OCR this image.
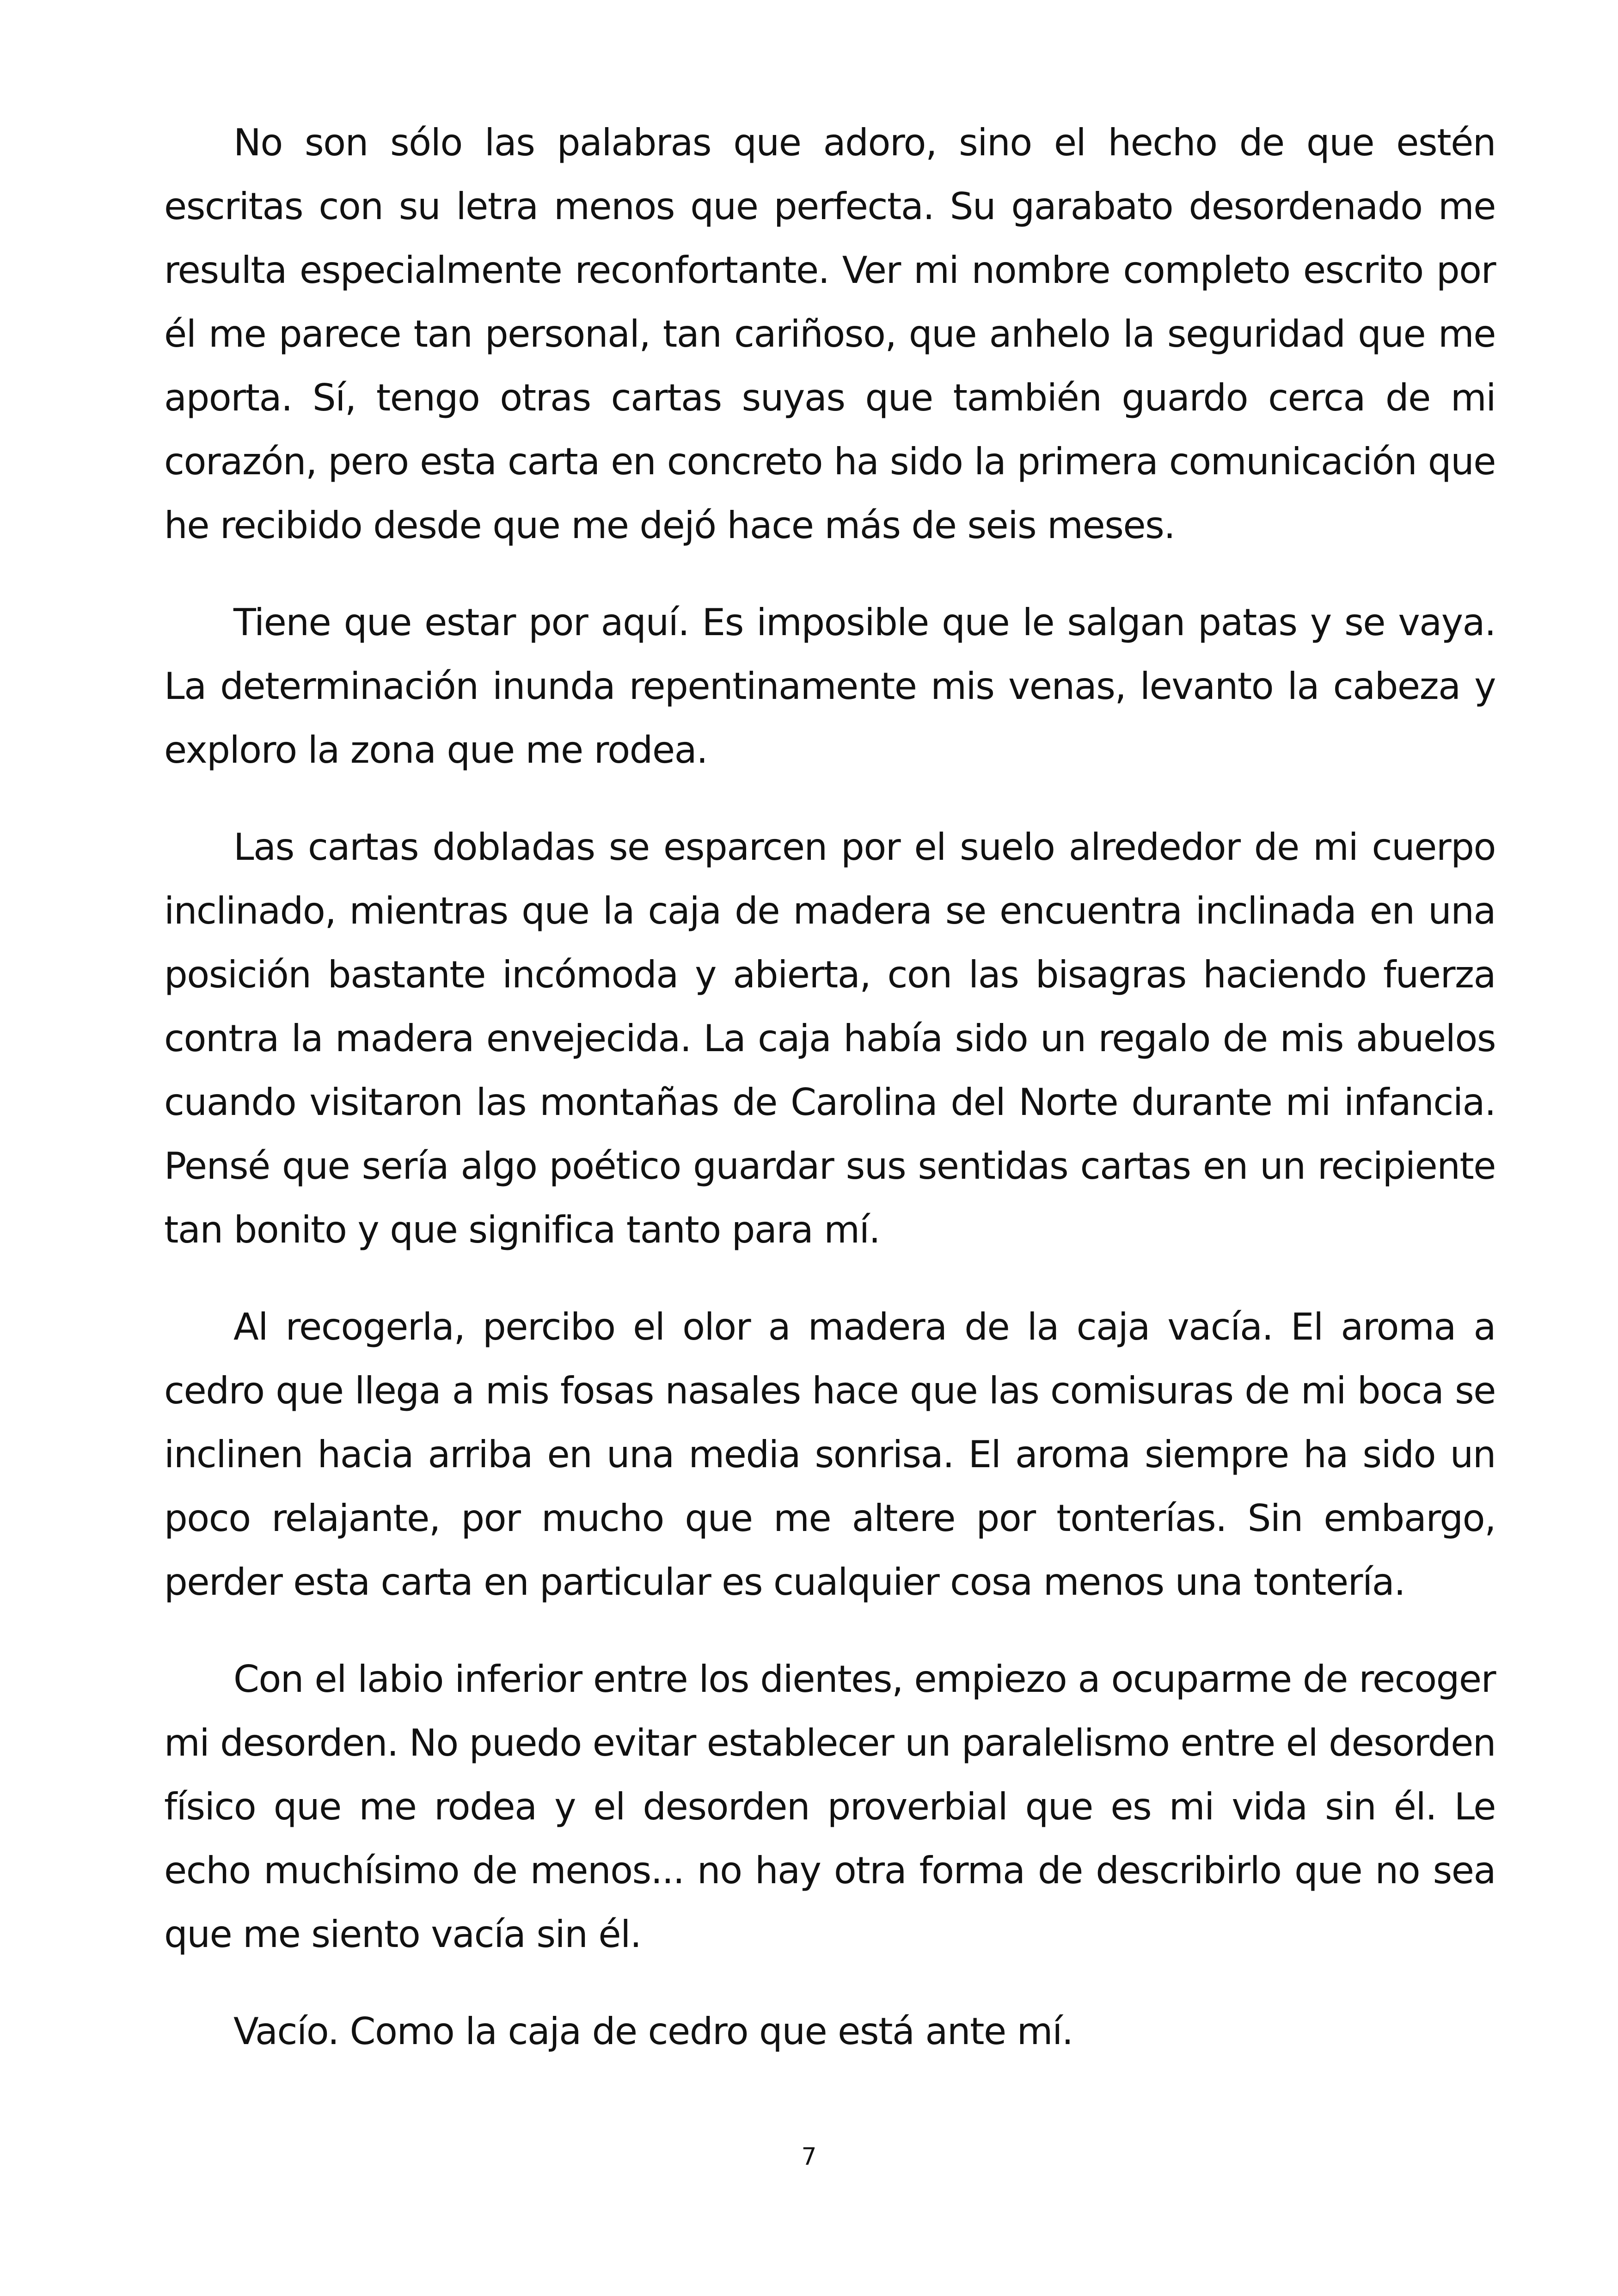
No son sólo las palabras que adoro, sino el hecho de que estén escritas con su letra menos que perfecta. Su garabato desordenado me resulta especialmente reconfortante. Ver mi nombre completo escrito por él me parece tan personal, tan cariñoso, que anhelo la seguridad que me aporta. Sí, tengo otras cartas suyas que también guardo cerca de mi corazón, pero esta carta en concreto ha sido la primera comunicación que he recibido desde que me dejó hace más de seis meses.

Tiene que estar por aquí. Es imposible que le salgan patas y se vaya. La determinación inunda repentinamente mis venas, levanto la cabeza y exploro la zona que me rodea.

Las cartas dobladas se esparcen por el suelo alrededor de mi cuerpo inclinado, mientras que la caja de madera se encuentra inclinada en una posición bastante incómoda y abierta, con las bisagras haciendo fuerza contra la madera envejecida. La caja había sido un regalo de mis abuelos cuando visitaron las montañas de Carolina del Norte durante mi infancia. Pensé que sería algo poético guardar sus sentidas cartas en un recipiente tan bonito y que significa tanto para mí.

Al recogerla, percibo el olor a madera de la caja vacía. El aroma a cedro que llega a mis fosas nasales hace que las comisuras de mi boca se inclinen hacia arriba en una media sonrisa. El aroma siempre ha sido un poco relajante, por mucho que me altere por tonterías. Sin embargo, perder esta carta en particular es cualquier cosa menos una tontería.

Con el labio inferior entre los dientes, empiezo a ocuparme de recoger mi desorden. No puedo evitar establecer un paralelismo entre el desorden físico que me rodea y el desorden proverbial que es mi vida sin él. Le echo muchísimo de menos... no hay otra forma de describirlo que no sea que me siento vacía sin él.

Vacío. Como la caja de cedro que está ante mí.

7
